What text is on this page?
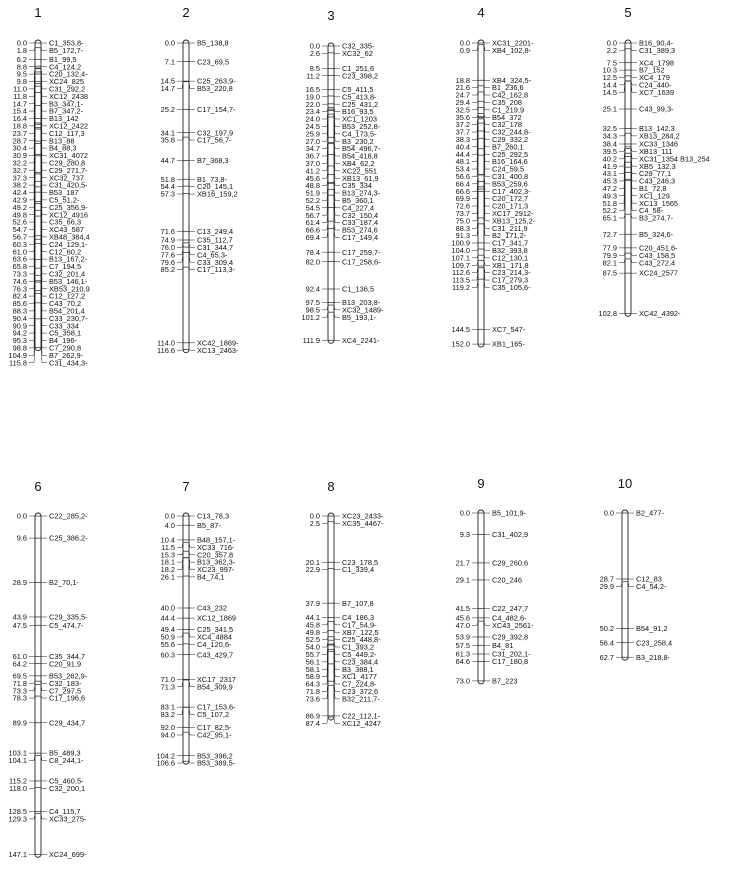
1
0.0	C1_353,8-
1.8	B5_172,7-
6.2	B1_99,5
8.8	C4_124,2
9.5	C20_132,4-
9.8	XC24_825
11.0	C31_292,2
11.8	XC12_2438
14.7	B3_347,1-
15.4	B7_347,2-
16.4	B13_142
18.8	XC12_2422
23.7	C12_117,3
28.7	B13_88
30.4	B4_88,3
30.9	XC31_4072
32.2	C29_280,8
32.7	C29_271,7-
37.3	XC32_737
38.2	C31_420,5-
42.4	B53_187
42.9	C5_51,2-
49.2	C25_356,9-
49.8	XC12_4916
52.6	C35_66,3
54.7	XC43_587
56.7	XB48_384,4
60.3	C24_129,1-
61.0	C12_60,2
63.6	B13_167,2-
65.8	C7_194,5
73.3	C32_201,4
74.6	B53_146,1-
76.3	XB53_210,9
82.4	C12_127,2
85.6	C43_70,2
88.3	B54_201,4
90.4	C33_230,7-
90.9	C33_334
94.2	C5_358,1
95.3	B4_196-
98.8	C7_290,8
104.9	B7_262,9-
115.8	C31_434,3-
2
0.0	B5_138,8
7.1	C23_69,5
14.5	C25_263,9-
14.7	B53_220,8
25.2	C17_154,7-
34.1	C32_197,9
35.8	C17_56,7-
44.7	B7_368,3
51.8	B1_73,8-
54.4	C20_145,1
57.3	XB16_159,2
71.6	C13_249,4
74.9	C35_112,7
76.0	C31_344,7
77.6	C4_65,3-
79.6	C33_309,4
85.2	C17_113,3-
114.0	XC42_1869-
116.6	XC13_2463-
3
0.0	C32_335-
2.6	XC32_62
8.5	C1_251,6
11.2	C23_398,2
16.5	C5_411,5
19.0	C5_413,8-
22.0	C25_431,2
23.4	B16_93,5
24.0	XC1_1203
24.5	B53_252,8-
25.9	C4_173,5-
27.0	B3_230,2
34.7	B54_496,7-
36.7	B54_418,8
37.0	XB4_62,2
41.2	XC22_551
45.6	XB13_61,9
48.8	C35_334
51.9	B13_274,3-
52.2	B5_360,1
54.5	C4_227,4
56.7	C32_150,4
61.4	C33_187,4
66.6	B53_274,6
69.4	C17_149,4
78.4	C17_259,7-
82.0	C17_258,6-
92.4	C1_136,5
97.5	B13_203,8-
98.5	XC32_1489-
101.2	B5_193,1-
111.9	XC4_2241-
4
0.0	XC31_2201-
0.9	XB4_102,8-
18.8	XB4_324,5-
21.6	B1_236,6
24.7	C42_162,8
29.4	C35_208
32.5	C1_219,9
35.6	B54_372
37.2	C32_178
37.7	C32_244,8-
38.3	C29_332,2
40.4	B7_260,1
44.4	C25_292,5
48.1	B16_164,6
53.4	C24_59,5
56.6	C31_400,8
66.4	B53_259,6
66.6	C17_402,3-
69.9	C20_172,7
72.6	C20_171,3
73.7	XC17_2912-
75.0	XB13_125,2-
88.3	C31_211,9
91.3	B2_171,2-
100.9	C17_341,7
104.0	B32_393,8
107.1	C12_130,1
109.7	XB1_171,8
112.6	C23_214,3-
113.5	C17_279,3
119.2	C35_105,6-
144.5	XC7_547-
152.0	XB1_165-
5
0.0	B16_90,4-
2.2	C31_389,3
7.5	XC4_1798
10.3	B7_152
12.5	XC4_179
14.4	C24_440-
14.5	XC7_1639
25.1	C43_99,3-
32.5	B13_142,3
34.3	XB13_284,2
38.4	XC33_1346
39.5	XB13_111
40.2	XC31_1354 B13_254
41.9	XB5_132,3
43.1	C29_77,1
45.3	C43_246,3
47.2	B1_72,8
49.3	XC1_129
51.8	XC13_1565
52.2	C4_58-
65.1	B3_274,7-
72.7	B5_324,6-
77.9	C20_451,6-
79.9	C43_158,5
82.1	C43_272,4
87.5	XC24_2577
102.8	XC42_4392-
6
0.0	C22_285,2-
9.6	C25_386,2-
28.9	B2_70,1-
43.9	C29_335,5-
47.5	C5_474,7-
61.0	C35_344,7
64.2	C20_91,9
69.5	B53_262,9-
71.8	C32_183-
73.3	C7_297,5
78.3	C17_196,6
89.9	C29_434,7
103.1	B5_489,3
104.1	C8_244,1-
115.2	C5_460,5-
118.0	C32_200,1
128.5	C4_115,7
129.3	XC33_275-
147.1	XC24_699-
7
0.0	C13_78,3
4.0	B5_87-
10.4	B48_157,1-
11.5	XC33_716-
15.3	C20_357,8
18.1	B13_362,3-
18.2	XC23_997-
26.1	B4_74,1
40.0	C43_232
44.4	XC12_1869
49.4	C25_341,5
50.9	XC4_4884
55.6	C4_120,6-
60.3	C43_429,7
71.0	XC17_2317
71.3	B54_309,9
83.1	C17_153,6-
83.2	C5_107,2
92.0	C17_82,5-
94.0	C42_95,1-
104.2	B53_396,2
106.6	B53_389,5-
8
0.0	XC23_2433-
2.5	XC35_4467-
20.1	C23_178,5
22.9	C1_339,4
37.9	B7_107,8
44.1	C4_186,3
45.8	C17_54,9-
49.8	XB7_122,5
52.5	C25_448,8-
54.0	C1_393,2
55.7	C5_449,2-
56.1	C23_384,4
58.1	B3_388,1
58.9	XC1_4177
64.3	C7_224,8-
71.8	C23_372,6
73.6	B32_211,7-
86.9	C22_112,1-
87.4	XC12_4247
9
0.0	B5_101,9-
9.3	C31_402,9
21.7	C29_260,6
29.1	C20_246
41.5	C22_247,7
45.6	C4_482,6-
47.0	XC43_2561-
53.9	C29_392,8
57.5	B4_81
61.3	C31_202,1-
64.6	C17_180,8
73.0	B7_223
10
0.0	B2_477-
28.7	C12_83
29.9	C4_54,2-
50.2	B54_91,2
56.4	C23_258,4
62.7	B3_218,8-
